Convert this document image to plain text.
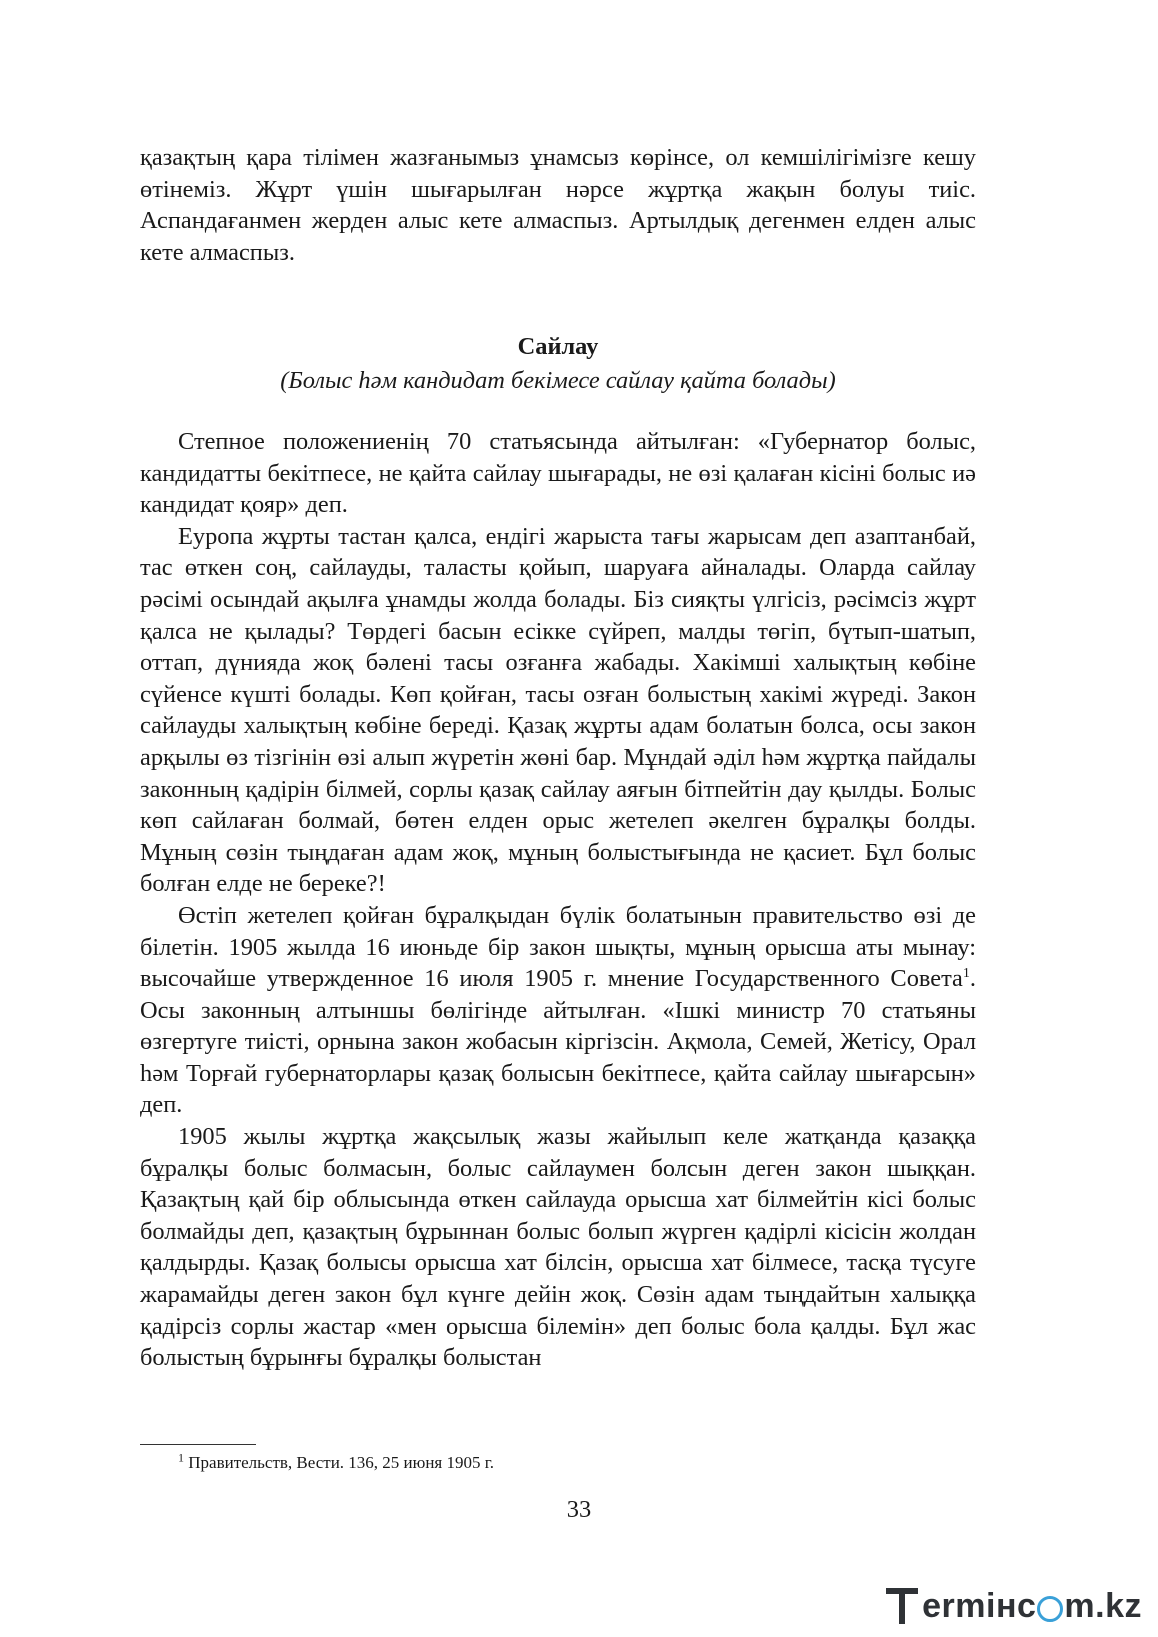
қазақтың қара тілімен жазғанымыз ұнамсыз көрінсе, ол кемшілігімізге кешу өтінеміз. Жұрт үшін шығарылған нәрсе жұртқа жақын болуы тиіс. Аспандағанмен жерден алыс кете алмаспыз. Артылдық дегенмен елден алыс кете алмаспыз.

Сайлау
(Болыс һәм кандидат бекімесе сайлау қайта болады)

Степное положениенің 70 статьясында айтылған: «Губернатор болыс, кандидатты бекітпесе, не қайта сайлау шығарады, не өзі қалаған кісіні болыс иә кандидат қояр» деп.

Еуропа жұрты тастан қалса, ендігі жарыста тағы жарысам деп азаптанбай, тас өткен соң, сайлауды, таласты қойып, шаруаға айналады. Оларда сайлау рәсімі осындай ақылға ұнамды жолда болады. Біз сияқты үлгісіз, рәсімсіз жұрт қалса не қылады? Төрдегі басын есікке сүйреп, малды төгіп, бүтып-шатып, оттап, дүнияда жоқ бәлені тасы озғанға жабады. Хакімші халықтың көбіне сүйенсе күшті болады. Көп қойған, тасы озған болыстың хакімі жүреді. Закон сайлауды халықтың көбіне береді. Қазақ жұрты адам болатын болса, осы закон арқылы өз тізгінін өзі алып жүретін жөні бар. Мұндай әділ һәм жұртқа пайдалы законның қадірін білмей, сорлы қазақ сайлау аяғын бітпейтін дау қылды. Болыс көп сайлаған болмай, бөтен елден орыс жетелеп әкелген бұралқы болды. Мұның сөзін тыңдаған адам жоқ, мұның болыстығында не қасиет. Бұл болыс болған елде не береке?!

Өстіп жетелеп қойған бұралқыдан бүлік болатынын правительство өзі де білетін. 1905 жылда 16 июньде бір закон шықты, мұның орысша аты мынау: высочайше утвержденное 16 июля 1905 г. мнение Государственного Совета$^1$. Осы законның алтыншы бөлігінде айтылған. «Ішкі министр 70 статьяны өзгертуге тиісті, орнына закон жобасын кіргізсін. Ақмола, Семей, Жетісу, Орал һәм Торғай губернаторлары қазақ болысын бекітпесе, қайта сайлау шығарсын» деп.

1905 жылы жұртқа жақсылық жазы жайылып келе жатқанда қазаққа бұралқы болыс болмасын, болыс сайлаумен болсын деген закон шыққан. Қазақтың қай бір облысында өткен сайлауда орысша хат білмейтін кісі болыс болмайды деп, қазақтың бұрыннан болыс болып жүрген қадірлі кісісін жолдан қалдырды. Қазақ болысы орысша хат білсін, орысша хат білмесе, тасқа түсуге жарамайды деген закон бұл күнге дейін жоқ. Сөзін адам тыңдайтын халыққа қадірсіз сорлы жастар «мен орысша білемін» деп болыс бола қалды. Бұл жас болыстың бұрынғы бұралқы болыстан

$^1$ Правительств, Вести. 136, 25 июня 1905 г.
33
ermінс m.kz
